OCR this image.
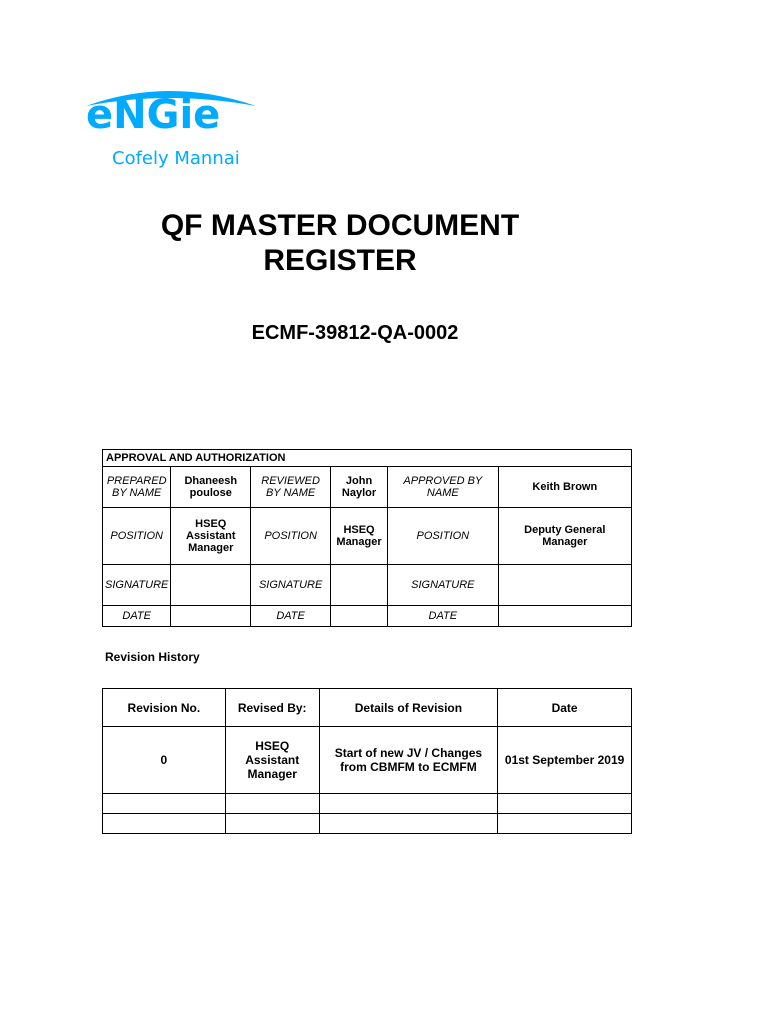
eNGie
Cofely Mannai
QF MASTER DOCUMENT
REGISTER
ECMF-39812-QA-0002
APPROVAL AND AUTHORIZATION					
PREPARED BY NAME	Dhaneesh poulose	REVIEWED BY NAME	John Naylor	APPROVED BY NAME	Keith Brown
POSITION	HSEQ Assistant Manager	POSITION	HSEQ Manager	POSITION	Deputy General Manager
SIGNATURE		SIGNATURE		SIGNATURE	
DATE		DATE		DATE	
Revision History
Revision No.	Revised By:	Details of Revision	Date
0	HSEQ Assistant Manager	Start of new JV / Changes from CBMFM to ECMFM	01st September 2019
